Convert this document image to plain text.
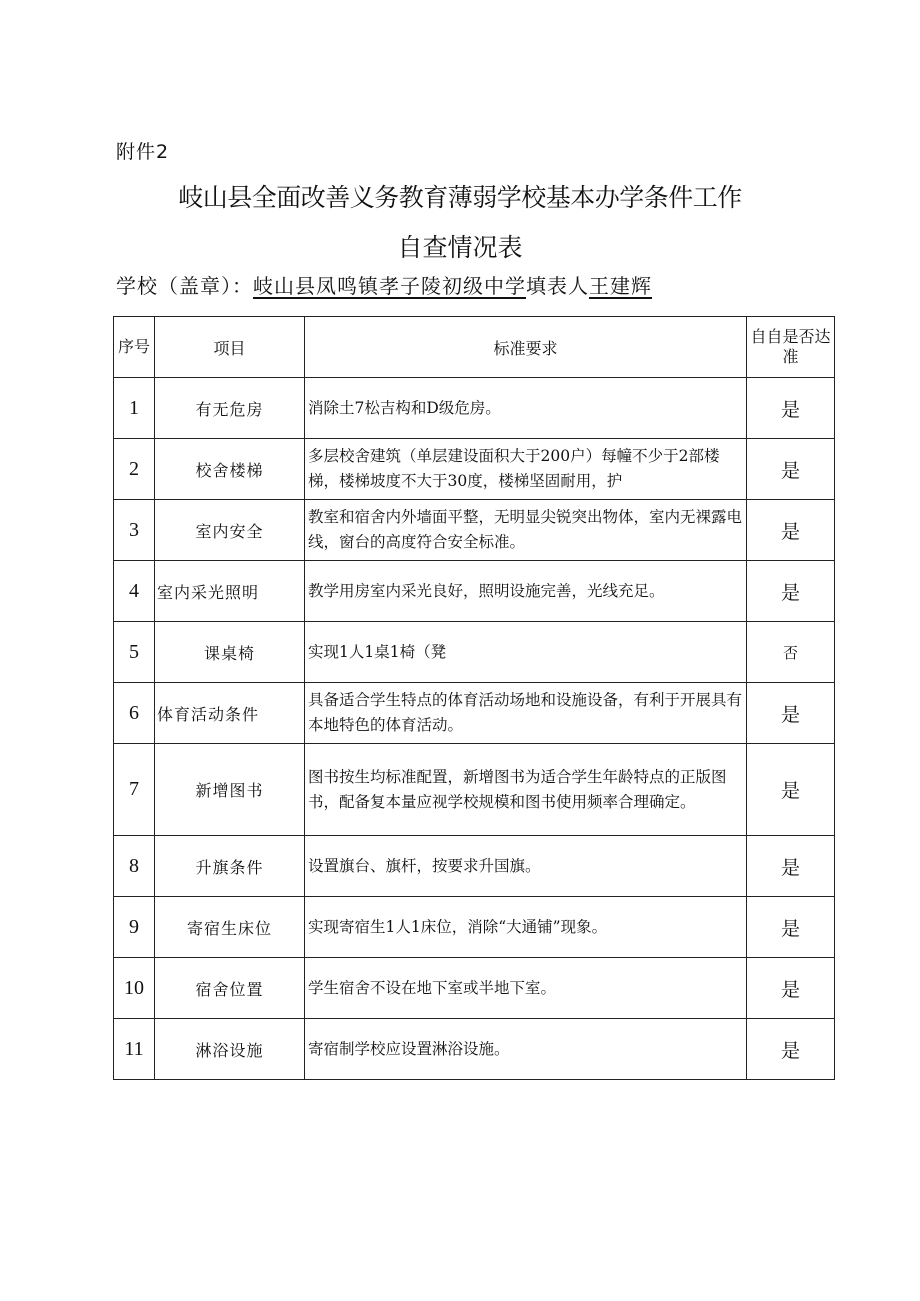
附件2
岐山县全面改善义务教育薄弱学校基本办学条件工作
自查情况表
学校（盖章）：岐山县凤鸣镇孝子陵初级中学填表人王建辉
序号	项目	标准要求	自自是否达准
1	有无危房	消除土7松吉构和D级危房。	是
2	校舍楼梯	多层校舍建筑（单层建设面积大于200户）每幢不少于2部楼梯，楼梯坡度不大于30度，楼梯坚固耐用，护	是
3	室内安全	教室和宿舍内外墙面平整，无明显尖锐突出物体，室内无裸露电线，窗台的高度符合安全标准。	是
4	室内采光照明	教学用房室内采光良好，照明设施完善，光线充足。	是
5	课桌椅	实现1人1桌1椅（凳	否
6	体育活动条件	具备适合学生特点的体育活动场地和设施设备，有利于开展具有本地特色的体育活动。	是
7	新增图书	图书按生均标准配置，新增图书为适合学生年龄特点的正版图书，配备复本量应视学校规模和图书使用频率合理确定。	是
8	升旗条件	设置旗台、旗杆，按要求升国旗。	是
9	寄宿生床位	实现寄宿生1人1床位，消除“大通铺”现象。	是
10	宿舍位置	学生宿舍不设在地下室或半地下室。	是
11	淋浴设施	寄宿制学校应设置淋浴设施。	是
